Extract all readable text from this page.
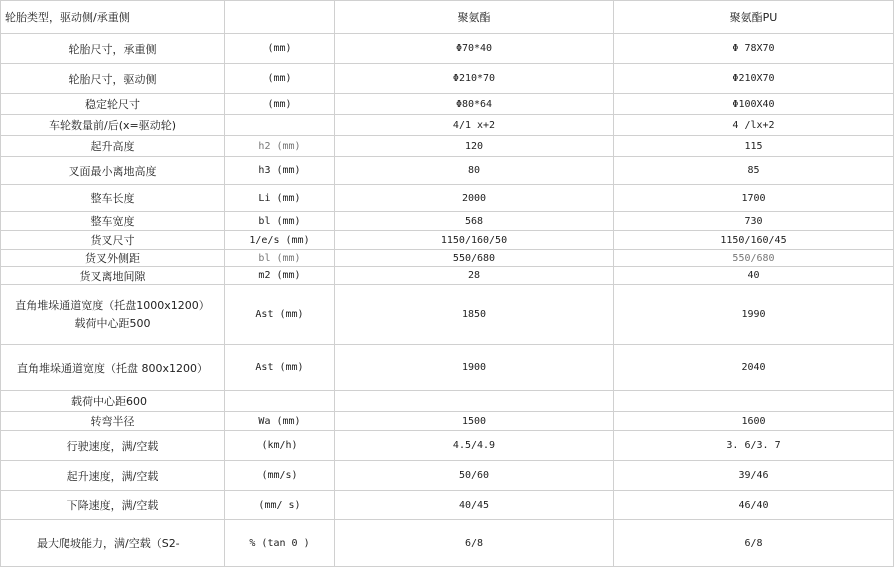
轮胎类型，驱动侧/承重侧		聚氨酯	聚氨酯PU
轮胎尺寸，承重侧	(mm)	Φ70*40	Φ 78X70
轮胎尺寸，驱动侧	(mm)	Φ210*70	Φ210X70
稳定轮尺寸	(mm)	Φ80*64	Φ100X40
车轮数量前/后(x=驱动轮)		4/1 x+2	4 /lx+2
起升高度	h2 (mm)	120	115
叉面最小离地高度	h3 (mm)	80	85
整车长度	Li (mm)	2000	1700
整车宽度	bl (mm)	568	730
货叉尺寸	1/e/s (mm)	1150/160/50	1150/160/45
货叉外侧距	bl (mm)	550/680	550/680
货叉离地间隙	m2 (mm)	28	40

直角堆垛通道宽度（托盘1000x1200）
载荷中心距500	Ast (mm)	1850	1990
直角堆垛通道宽度（托盘 800x1200）	Ast (mm)	1900	2040
载荷中心距600			
转弯半径	Wa (mm)	1500	1600
行驶速度，满/空载	(km/h)	4.5/4.9	3. 6/3. 7
起升速度，满/空载	(mm/s)	50/60	39/46
下降速度，满/空载	(mm/ s)	40/45	46/40
最大爬坡能力，满/空载（S2-	% (tan 0 )	6/8	6/8
